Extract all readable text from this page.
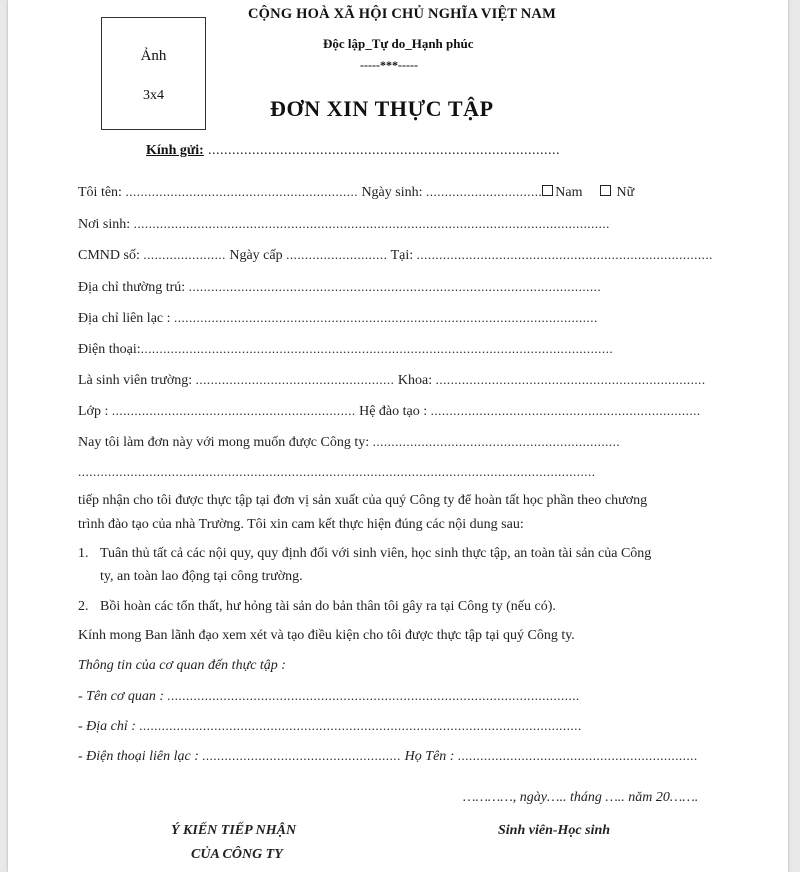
Ảnh
3x4
CỘNG HOÀ XÃ HỘI CHỦ NGHĨA VIỆT NAM
Độc lập_Tự do_Hạnh phúc
-----***-----
ĐƠN XIN THỰC TẬP
Kính gửi: ........................................................................................
Tôi tên: .............................................................. Ngày sinh: ............................... Nam Nữ
Nơi sinh: ...............................................................................................................................
CMND số: ...................... Ngày cấp ........................... Tại: ...............................................................................
Địa chỉ thường trú: ..............................................................................................................
Địa chỉ liên lạc : .................................................................................................................
Điện thoại:..............................................................................................................................
Là sinh viên trường: ..................................................... Khoa: ........................................................................
Lớp : ................................................................. Hệ đào tạo : ........................................................................
Nay tôi làm đơn này với mong muốn được Công ty: ..................................................................
..........................................................................................................................................
tiếp nhận cho tôi được thực tập tại đơn vị sản xuất của quý Công ty để hoàn tất học phần theo chương
trình đào tạo của nhà Trường. Tôi xin cam kết thực hiện đúng các nội dung sau:
1. Tuân thủ tất cả các nội quy, quy định đối với sinh viên, học sinh thực tập, an toàn tài sản của Công
ty, an toàn lao động tại công trường.
2. Bồi hoàn các tổn thất, hư hỏng tài sản do bản thân tôi gây ra tại Công ty (nếu có).
Kính mong Ban lãnh đạo xem xét và tạo điều kiện cho tôi được thực tập tại quý Công ty.
Thông tin của cơ quan đến thực tập :
- Tên cơ quan : ..............................................................................................................
- Địa chỉ : ......................................................................................................................
- Điện thoại liên lạc : ..................................................... Họ Tên : ................................................................
…………, ngày….. tháng ….. năm 20…….
Ý KIẾN TIẾP NHẬN
CỦA CÔNG TY
Sinh viên-Học sinh
